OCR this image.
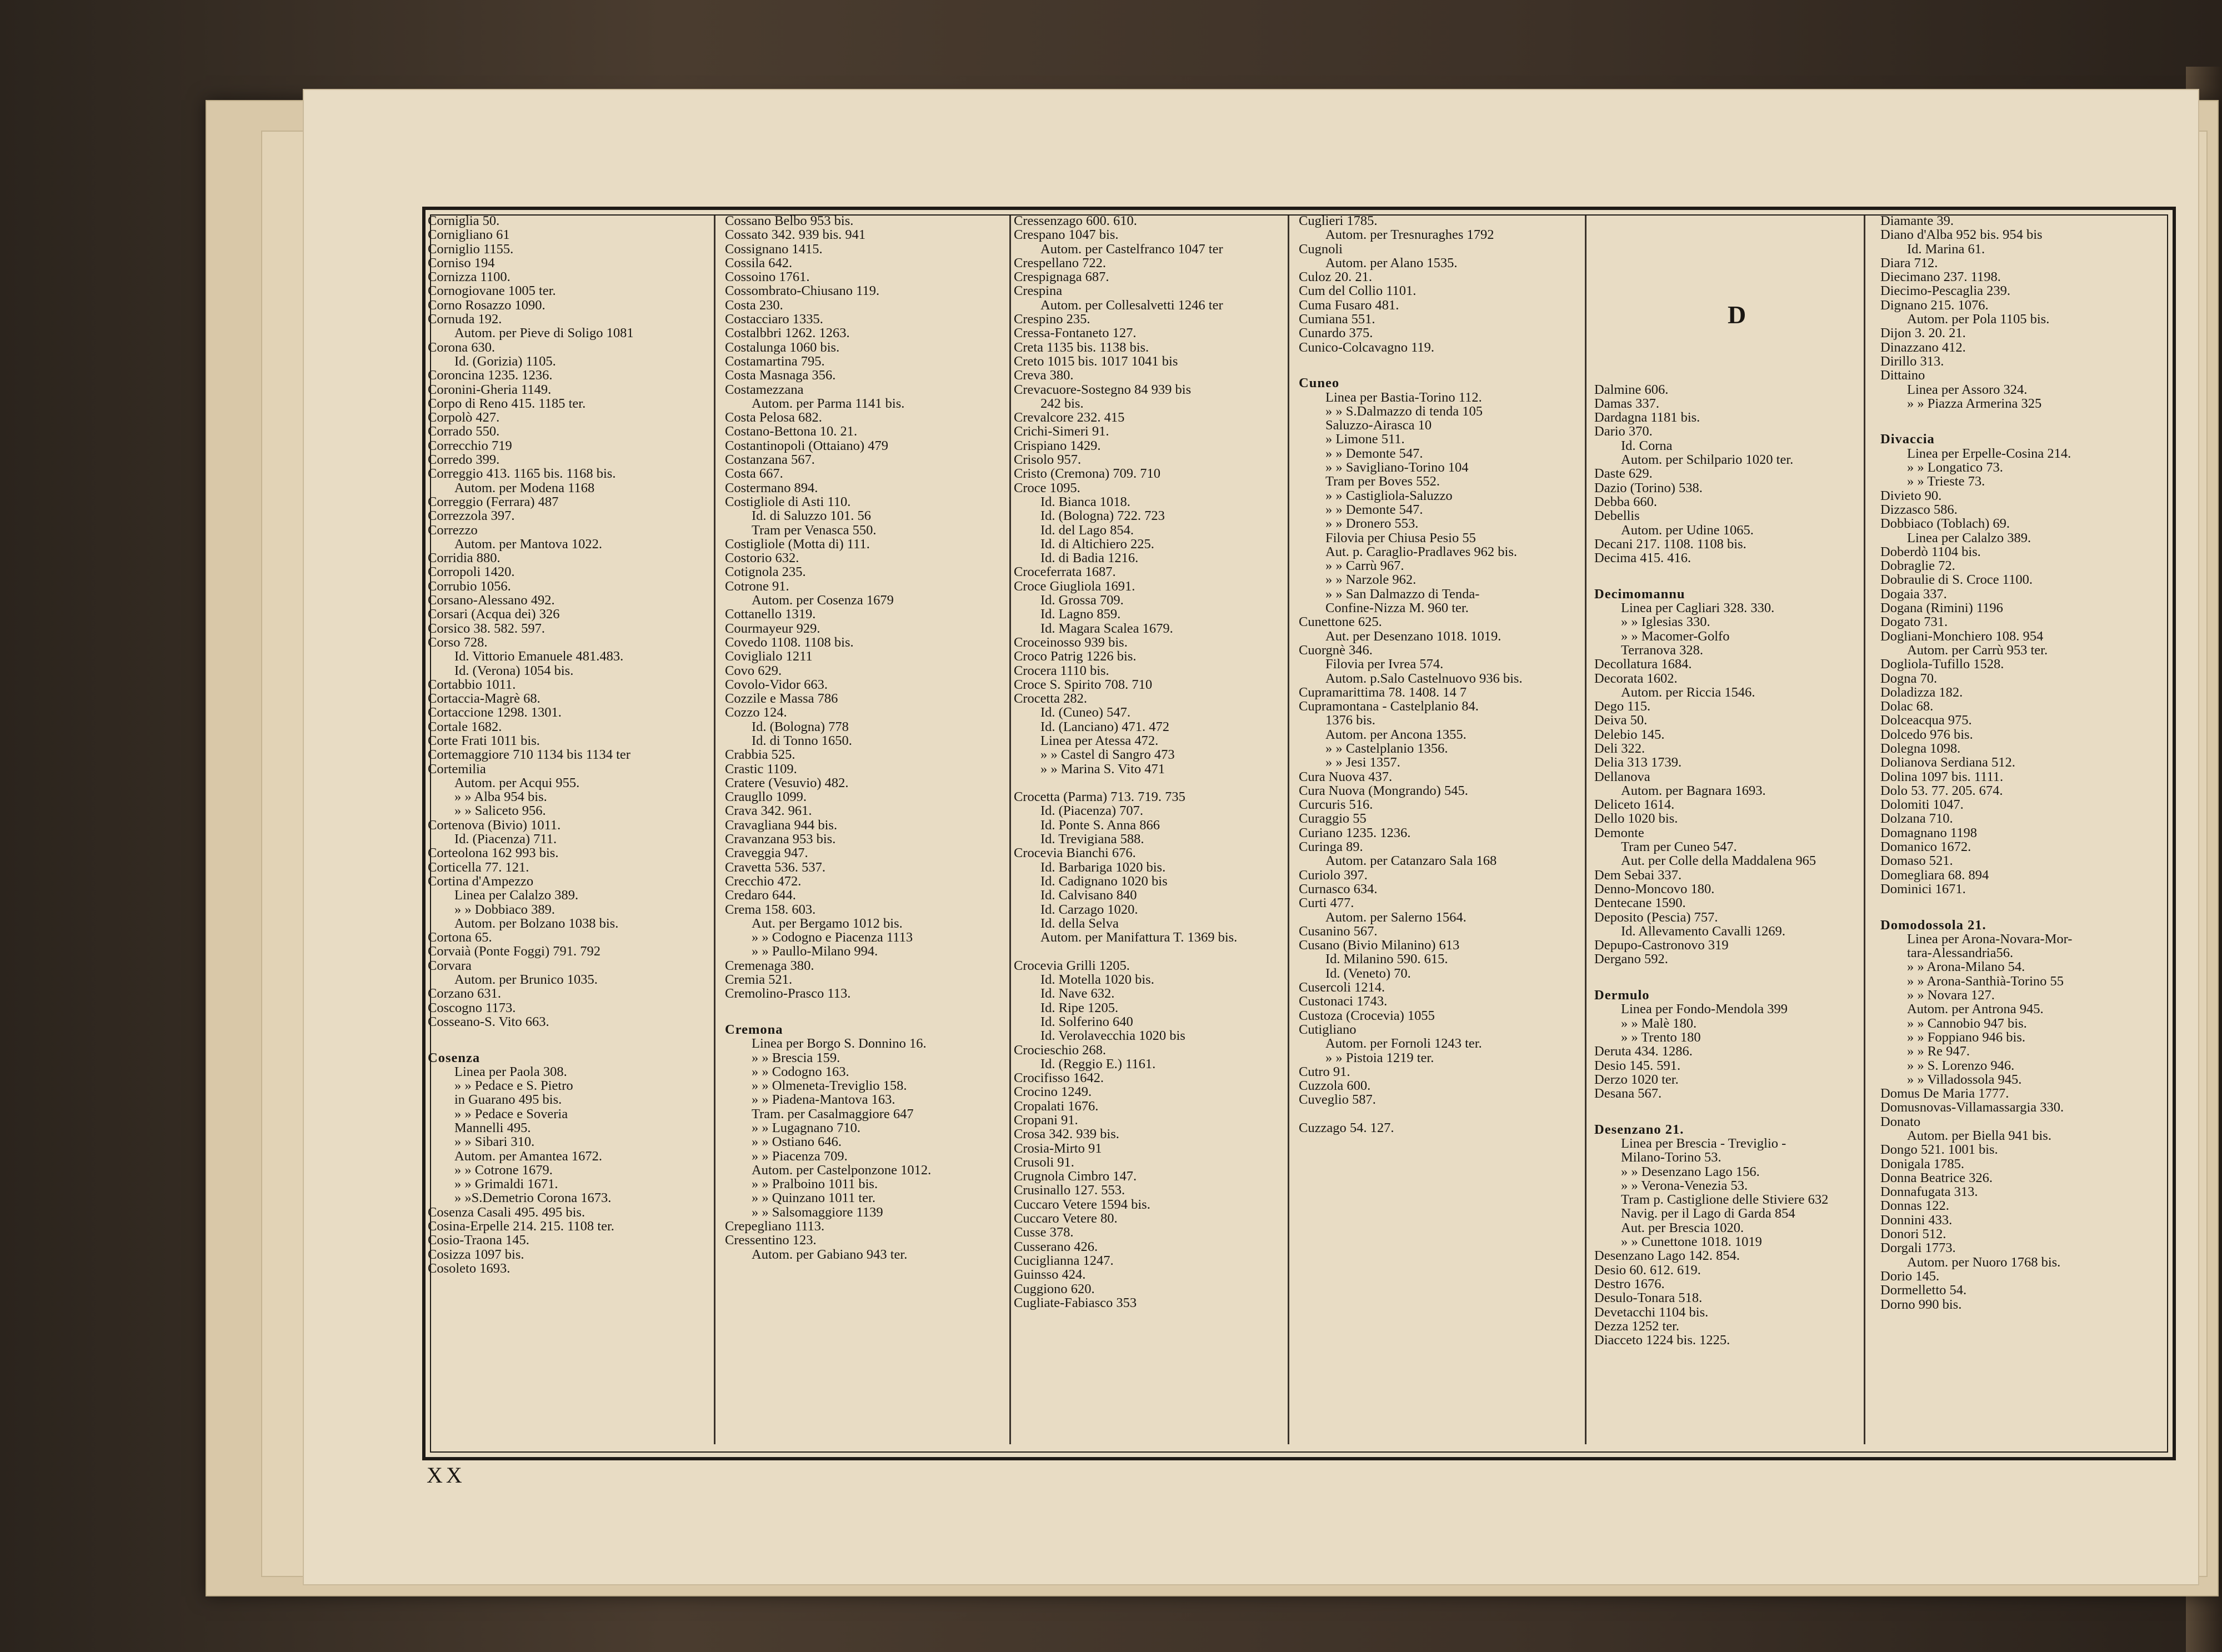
Corniglia 50.
Cornigliano 61
Corniglio 1155.
Corniso 194
Cornizza 1100.
Cornogiovane 1005 ter.
Corno Rosazzo 1090.
Cornuda 192.
Autom. per Pieve di Soligo 1081
Corona 630.
Id. (Gorizia) 1105.
Coroncina 1235. 1236.
Coronini-Gheria 1149.
Corpo di Reno 415. 1185 ter.
Corpolò 427.
Corrado 550.
Correcchio 719
Corredo 399.
Correggio 413. 1165 bis. 1168 bis.
Autom. per Modena 1168
Correggio (Ferrara) 487
Correzzola 397.
Correzzo
Autom. per Mantova 1022.
Corridia 880.
Corropoli 1420.
Corrubio 1056.
Corsano-Alessano 492.
Corsari (Acqua dei) 326
Corsico 38. 582. 597.
Corso 728.
Id. Vittorio Emanuele 481.483.
Id. (Verona) 1054 bis.
Cortabbio 1011.
Cortaccia-Magrè 68.
Cortaccione 1298. 1301.
Cortale 1682.
Corte Frati 1011 bis.
Cortemaggiore 710 1134 bis 1134 ter
Cortemilia
Autom. per Acqui 955.
» » Alba 954 bis.
» » Saliceto 956.
Cortenova (Bivio) 1011.
Id. (Piacenza) 711.
Corteolona 162 993 bis.
Corticella 77. 121.
Cortina d'Ampezzo
Linea per Calalzo 389.
» » Dobbiaco 389.
Autom. per Bolzano 1038 bis.
Cortona 65.
Corvaià (Ponte Foggi) 791. 792
Corvara
Autom. per Brunico 1035.
Corzano 631.
Coscogno 1173.
Cosseano-S. Vito 663.

Cosenza
Linea per Paola 308.
» » Pedace e S. Pietro
in Guarano 495 bis.
» » Pedace e Soveria
Mannelli 495.
» » Sibari 310.
Autom. per Amantea 1672.
» » Cotrone 1679.
» » Grimaldi 1671.
» »S.Demetrio Corona 1673.
Cosenza Casali 495. 495 bis.
Cosina-Erpelle 214. 215. 1108 ter.
Cosio-Traona 145.
Cosizza 1097 bis.
Cosoleto 1693.
Cossano Belbo 953 bis.
Cossato 342. 939 bis. 941
Cossignano 1415.
Cossila 642.
Cossoino 1761.
Cossombrato-Chiusano 119.
Costa 230.
Costacciaro 1335.
Costalbbri 1262. 1263.
Costalunga 1060 bis.
Costamartina 795.
Costa Masnaga 356.
Costamezzana
Autom. per Parma 1141 bis.
Costa Pelosa 682.
Costano-Bettona 10. 21.
Costantinopoli (Ottaiano) 479
Costanzana 567.
Costa 667.
Costermano 894.
Costigliole di Asti 110.
Id. di Saluzzo 101. 56
Tram per Venasca 550.
Costigliole (Motta di) 111.
Costorio 632.
Cotignola 235.
Cotrone 91.
Autom. per Cosenza 1679
Cottanello 1319.
Courmayeur 929.
Covedo 1108. 1108 bis.
Coviglialo 1211
Covo 629.
Covolo-Vidor 663.
Cozzile e Massa 786
Cozzo 124.
Id. (Bologna) 778
Id. di Tonno 1650.
Crabbia 525.
Crastic 1109.
Cratere (Vesuvio) 482.
Craugllo 1099.
Crava 342. 961.
Cravagliana 944 bis.
Cravanzana 953 bis.
Craveggia 947.
Cravetta 536. 537.
Crecchio 472.
Credaro 644.
Crema 158. 603.
Aut. per Bergamo 1012 bis.
» » Codogno e Piacenza 1113
» » Paullo-Milano 994.
Cremenaga 380.
Cremia 521.
Cremolino-Prasco 113.

Cremona
Linea per Borgo S. Donnino 16.
» » Brescia 159.
» » Codogno 163.
» » Olmeneta-Treviglio 158.
» » Piadena-Mantova 163.
Tram. per Casalmaggiore 647
» » Lugagnano 710.
» » Ostiano 646.
» » Piacenza 709.
Autom. per Castelponzone 1012.
» » Pralboino 1011 bis.
» » Quinzano 1011 ter.
» » Salsomaggiore 1139
Crepegliano 1113.
Cressentino 123.
Autom. per Gabiano 943 ter.
Cressenzago 600. 610.
Crespano 1047 bis.
Autom. per Castelfranco 1047 ter
Crespellano 722.
Crespignaga 687.
Crespina
Autom. per Collesalvetti 1246 ter
Crespino 235.
Cressa-Fontaneto 127.
Creta 1135 bis. 1138 bis.
Creto 1015 bis. 1017 1041 bis
Creva 380.
Crevacuore-Sostegno 84 939 bis
242 bis.
Crevalcore 232. 415
Crichi-Simeri 91.
Crispiano 1429.
Crisolo 957.
Cristo (Cremona) 709. 710
Croce 1095.
Id. Bianca 1018.
Id. (Bologna) 722. 723
Id. del Lago 854.
Id. di Altichiero 225.
Id. di Badia 1216.
Croceferrata 1687.
Croce Giugliola 1691.
Id. Grossa 709.
Id. Lagno 859.
Id. Magara Scalea 1679.
Croceinosso 939 bis.
Croco Patrig 1226 bis.
Crocera 1110 bis.
Croce S. Spirito 708. 710
Crocetta 282.
Id. (Cuneo) 547.
Id. (Lanciano) 471. 472
Linea per Atessa 472.
» » Castel di Sangro 473
» » Marina S. Vito 471

Crocetta (Parma) 713. 719. 735
Id. (Piacenza) 707.
Id. Ponte S. Anna 866
Id. Trevigiana 588.
Crocevia Bianchi 676.
Id. Barbariga 1020 bis.
Id. Cadignano 1020 bis
Id. Calvisano 840
Id. Carzago 1020.
Id. della Selva
Autom. per Manifattura T. 1369 bis.

Crocevia Grilli 1205.
Id. Motella 1020 bis.
Id. Nave 632.
Id. Ripe 1205.
Id. Solferino 640
Id. Verolavecchia 1020 bis
Crocieschio 268.
Id. (Reggio E.) 1161.
Crocifisso 1642.
Crocino 1249.
Cropalati 1676.
Cropani 91.
Crosa 342. 939 bis.
Crosia-Mirto 91
Crusoli 91.
Crugnola Cimbro 147.
Crusinallo 127. 553.
Cuccaro Vetere 1594 bis.
Cuccaro Vetere 80.
Cusse 378.
Cusserano 426.
Cuciglianna 1247.
Guinsso 424.
Cuggiono 620.
Cugliate-Fabiasco 353
Cuglieri 1785.
Autom. per Tresnuraghes 1792
Cugnoli
Autom. per Alano 1535.
Culoz 20. 21.
Cum del Collio 1101.
Cuma Fusaro 481.
Cumiana 551.
Cunardo 375.
Cunico-Colcavagno 119.

Cuneo
Linea per Bastia-Torino 112.
» » S.Dalmazzo di tenda 105
Saluzzo-Airasca 10
» Limone 511.
» » Demonte 547.
» » Savigliano-Torino 104
Tram per Boves 552.
» » Castigliola-Saluzzo
» » Demonte 547.
» » Dronero 553.
Filovia per Chiusa Pesio 55
Aut. p. Caraglio-Pradlaves 962 bis.
» » Carrù 967.
» » Narzole 962.
» » San Dalmazzo di Tenda-
Confine-Nizza M. 960 ter.
Cunettone 625.
Aut. per Desenzano 1018. 1019.
Cuorgnè 346.
Filovia per Ivrea 574.
Autom. p.Salo Castelnuovo 936 bis.
Cupramarittima 78. 1408. 14 7
Cupramontana - Castelplanio 84.
1376 bis.
Autom. per Ancona 1355.
» » Castelplanio 1356.
» » Jesi 1357.
Cura Nuova 437.
Cura Nuova (Mongrando) 545.
Curcuris 516.
Curaggio 55
Curiano 1235. 1236.
Curinga 89.
Autom. per Catanzaro Sala 168
Curiolo 397.
Curnasco 634.
Curti 477.
Autom. per Salerno 1564.
Cusanino 567.
Cusano (Bivio Milanino) 613
Id. Milanino 590. 615.
Id. (Veneto) 70.
Cusercoli 1214.
Custonaci 1743.
Custoza (Crocevia) 1055
Cutigliano
Autom. per Fornoli 1243 ter.
» » Pistoia 1219 ter.
Cutro 91.
Cuzzola 600.
Cuveglio 587.

Cuzzago 54. 127.

Dalmine 606.
Damas 337.
Dardagna 1181 bis.
Dario 370.
Id. Corna
Autom. per Schilpario 1020 ter.
Daste 629.
Dazio (Torino) 538.
Debba 660.
Debellis
Autom. per Udine 1065.
Decani 217. 1108. 1108 bis.
Decima 415. 416.

Decimomannu
Linea per Cagliari 328. 330.
» » Iglesias 330.
» » Macomer-Golfo
Terranova 328.
Decollatura 1684.
Decorata 1602.
Autom. per Riccia 1546.
Dego 115.
Deiva 50.
Delebio 145.
Deli 322.
Delia 313 1739.
Dellanova
Autom. per Bagnara 1693.
Deliceto 1614.
Dello 1020 bis.
Demonte
Tram per Cuneo 547.
Aut. per Colle della Maddalena 965
Dem Sebai 337.
Denno-Moncovo 180.
Dentecane 1590.
Deposito (Pescia) 757.
Id. Allevamento Cavalli 1269.
Depupo-Castronovo 319
Dergano 592.

Dermulo
Linea per Fondo-Mendola 399
» » Malè 180.
» » Trento 180
Deruta 434. 1286.
Desio 145. 591.
Derzo 1020 ter.
Desana 567.

Desenzano 21.
Linea per Brescia - Treviglio -
Milano-Torino 53.
» » Desenzano Lago 156.
» » Verona-Venezia 53.
Tram p. Castiglione delle Stiviere 632
Navig. per il Lago di Garda 854
Aut. per Brescia 1020.
» » Cunettone 1018. 1019
Desenzano Lago 142. 854.
Desio 60. 612. 619.
Destro 1676.
Desulo-Tonara 518.
Devetacchi 1104 bis.
Dezza 1252 ter.
Diacceto 1224 bis. 1225.
Diamante 39.
Diano d'Alba 952 bis. 954 bis
Id. Marina 61.
Diara 712.
Diecimano 237. 1198.
Diecimo-Pescaglia 239.
Dignano 215. 1076.
Autom. per Pola 1105 bis.
Dijon 3. 20. 21.
Dinazzano 412.
Dirillo 313.
Dittaino
Linea per Assoro 324.
» » Piazza Armerina 325

Divaccia
Linea per Erpelle-Cosina 214.
» » Longatico 73.
» » Trieste 73.
Divieto 90.
Dizzasco 586.
Dobbiaco (Toblach) 69.
Linea per Calalzo 389.
Doberdò 1104 bis.
Dobraglie 72.
Dobraulie di S. Croce 1100.
Dogaia 337.
Dogana (Rimini) 1196
Dogato 731.
Dogliani-Monchiero 108. 954
Autom. per Carrù 953 ter.
Dogliola-Tufillo 1528.
Dogna 70.
Doladizza 182.
Dolac 68.
Dolceacqua 975.
Dolcedo 976 bis.
Dolegna 1098.
Dolianova Serdiana 512.
Dolina 1097 bis. 1111.
Dolo 53. 77. 205. 674.
Dolomiti 1047.
Dolzana 710.
Domagnano 1198
Domanico 1672.
Domaso 521.
Domegliara 68. 894
Dominici 1671.

Domodossola 21.
Linea per Arona-Novara-Mor-
tara-Alessandria56.
» » Arona-Milano 54.
» » Arona-Santhià-Torino 55
» » Novara 127.
Autom. per Antrona 945.
» » Cannobio 947 bis.
» » Foppiano 946 bis.
» » Re 947.
» » S. Lorenzo 946.
» » Villadossola 945.
Domus De Maria 1777.
Domusnovas-Villamassargia 330.
Donato
Autom. per Biella 941 bis.
Dongo 521. 1001 bis.
Donigala 1785.
Donna Beatrice 326.
Donnafugata 313.
Donnas 122.
Donnini 433.
Donori 512.
Dorgali 1773.
Autom. per Nuoro 1768 bis.
Dorio 145.
Dormelletto 54.
Dorno 990 bis.
D
XX
